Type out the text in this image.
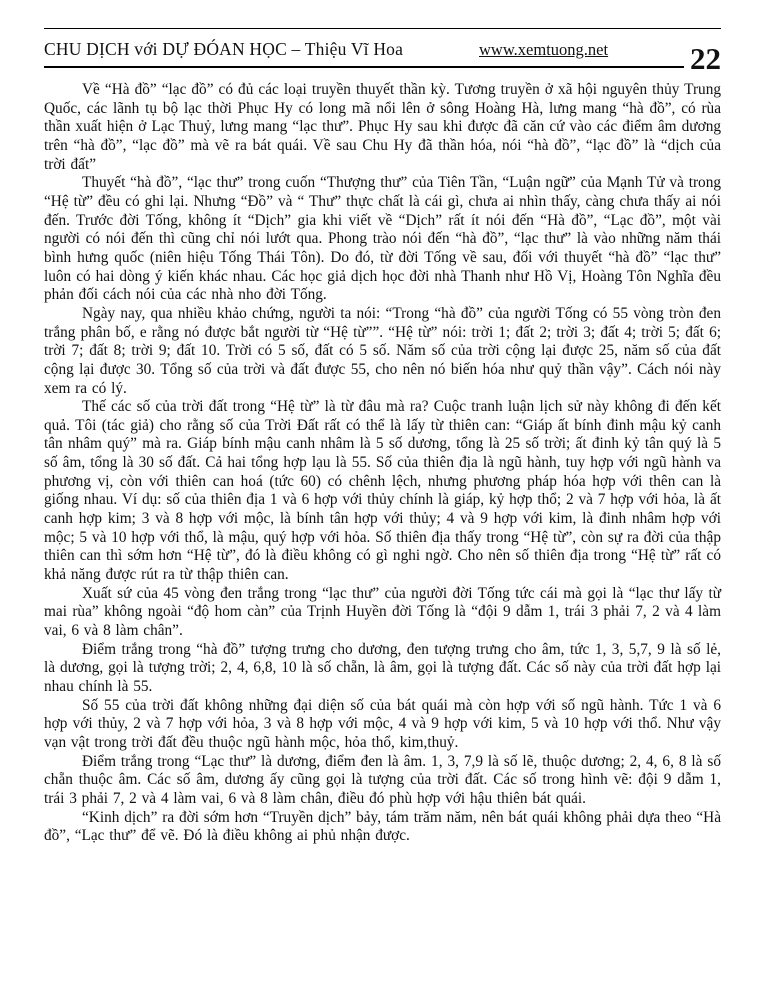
CHU DỊCH với DỰ ĐÓAN HỌC – Thiệu Vĩ Hoa	www.xemtuong.net	22

Về “Hà đồ” “lạc đồ” có đủ các loại truyền thuyết thần kỳ. Tương truyền ở xã hội nguyên thủy Trung Quốc, các lãnh tụ bộ lạc thời Phục Hy có long mã nổi lên ở sông Hoàng Hà, lưng mang “hà đồ”, có rùa thần xuất hiện ở Lạc Thuỷ, lưng mang “lạc thư”. Phục Hy sau khi được đã căn cứ vào các điểm âm dương trên “hà đồ”, “lạc đồ” mà vẽ ra bát quái. Về sau Chu Hy đã thần hóa, nói “hà đồ”, “lạc đồ” là “dịch của trời đất”

Thuyết “hà đồ”, “lạc thư” trong cuốn “Thượng thư” của Tiên Tần, “Luận ngữ” của Mạnh Tử và trong “Hệ từ” đều có ghi lại. Nhưng “Đồ” và “ Thư” thực chất là cái gì, chưa ai nhìn thấy, càng chưa thấy ai nói đến. Trước đời Tống, không ít “Dịch” gia khi viết về “Dịch” rất ít nói đến “Hà đồ”, “Lạc đồ”, một vài người có nói đến thì cũng chỉ nói lướt qua. Phong trào nói đến “hà đồ”, “lạc thư” là vào những năm thái bình hưng quốc (niên hiệu Tống Thái Tôn). Do đó, từ đời Tống về sau, đối với thuyết “hà đồ” “lạc thư” luôn có hai dòng ý kiến khác nhau. Các học giả dịch học đời nhà Thanh như Hồ Vị, Hoàng Tôn Nghĩa đều phản đối cách nói của các nhà nho đời Tống.

Ngày nay, qua nhiều khảo chứng, người ta nói: “Trong “hà đồ” của người Tống có 55 vòng tròn đen trắng phân bố, e rằng nó được bắt người từ “Hệ từ””. “Hệ từ” nói: trời 1; đất 2; trời 3; đất 4; trời 5; đất 6; trời 7; đất 8; trời 9; đất 10. Trời có 5 số, đất có 5 số. Năm số của trời cộng lại được 25, năm số của đất cộng lại được 30. Tổng số của trời và đất được 55, cho nên nó biến hóa như quỷ thần vậy”. Cách nói này xem ra có lý.

Thế các số của trời đất trong “Hệ từ” là từ đâu mà ra? Cuộc tranh luận lịch sử này không đi đến kết quả. Tôi (tác giả) cho rằng số của Trời Đất rất có thể là lấy từ thiên can: “Giáp ất bính đinh mậu kỷ canh tân nhâm quý” mà ra. Giáp bính mậu canh nhâm là 5 số dương, tổng là 25 số trời; ất đinh kỷ tân quý là 5 số âm, tổng là 30 số đất. Cả hai tổng hợp lạu là 55. Số của thiên địa là ngũ hành, tuy hợp với ngũ hành va phương vị, còn với thiên can hoá (tức 60) có chênh lệch, nhưng phương pháp hóa hợp với thên can là giống nhau. Ví dụ: số của thiên địa 1 và 6 hợp với thủy chính là giáp, kỷ hợp thổ; 2 và 7 hợp với hỏa, là ất canh hợp kim; 3 và 8 hợp với mộc, là bính tân hợp với thủy; 4 và 9 hợp với kim, là đinh nhâm hợp với mộc; 5 và 10 hợp với thổ, là mậu, quý hợp với hỏa. Số thiên địa thấy trong “Hệ từ”, còn sự ra đời của thập thiên can thì sớm hơn “Hệ từ”, đó là điều không có gì nghi ngờ. Cho nên số thiên địa trong “Hệ từ” rất có khả năng được rút ra từ thập thiên can.

Xuất sứ của 45 vòng đen trắng trong “lạc thư” của người đời Tống tức cái mà gọi là “lạc thư lấy từ mai rùa” không ngoài “độ hom càn” của Trịnh Huyền đời Tống là “đội 9 dẫm 1, trái 3 phải 7, 2 và 4 làm vai, 6 và 8 làm chân”.

Điểm trắng trong “hà đồ” tượng trưng cho dương, đen tượng trưng cho âm, tức 1, 3, 5,7, 9 là số lẻ, là dương, gọi là tượng trời; 2, 4, 6,8, 10 là số chẵn, là âm, gọi là tượng đất. Các số này của trời đất hợp lại nhau chính là 55.

Số 55 của trời đất không những đại diện số của bát quái mà còn hợp với số ngũ hành. Tức 1 và 6 hợp với thủy, 2 và 7 hợp với hỏa, 3 và 8 hợp với mộc, 4 và 9 hợp với kim, 5 và 10 hợp với thổ. Như vậy vạn vật trong trời đất đều thuộc ngũ hành mộc, hỏa thổ, kim,thuỷ.

Điểm trắng trong “Lạc thư” là dương, điểm đen là âm. 1, 3, 7,9 là số lẽ, thuộc dương; 2, 4, 6, 8 là số chẵn thuộc âm. Các số âm, dương ấy cũng gọi là tượng của trời đất. Các số trong hình vẽ: đội 9 dẫm 1, trái 3 phải 7, 2 và 4 làm vai, 6 và 8 làm chân, điều đó phù hợp với hậu thiên bát quái.

“Kinh dịch” ra đời sớm hơn “Truyền dịch” bảy, tám trăm năm, nên bát quái không phải dựa theo “Hà đồ”, “Lạc thư” để vẽ. Đó là điều không ai phủ nhận được.
